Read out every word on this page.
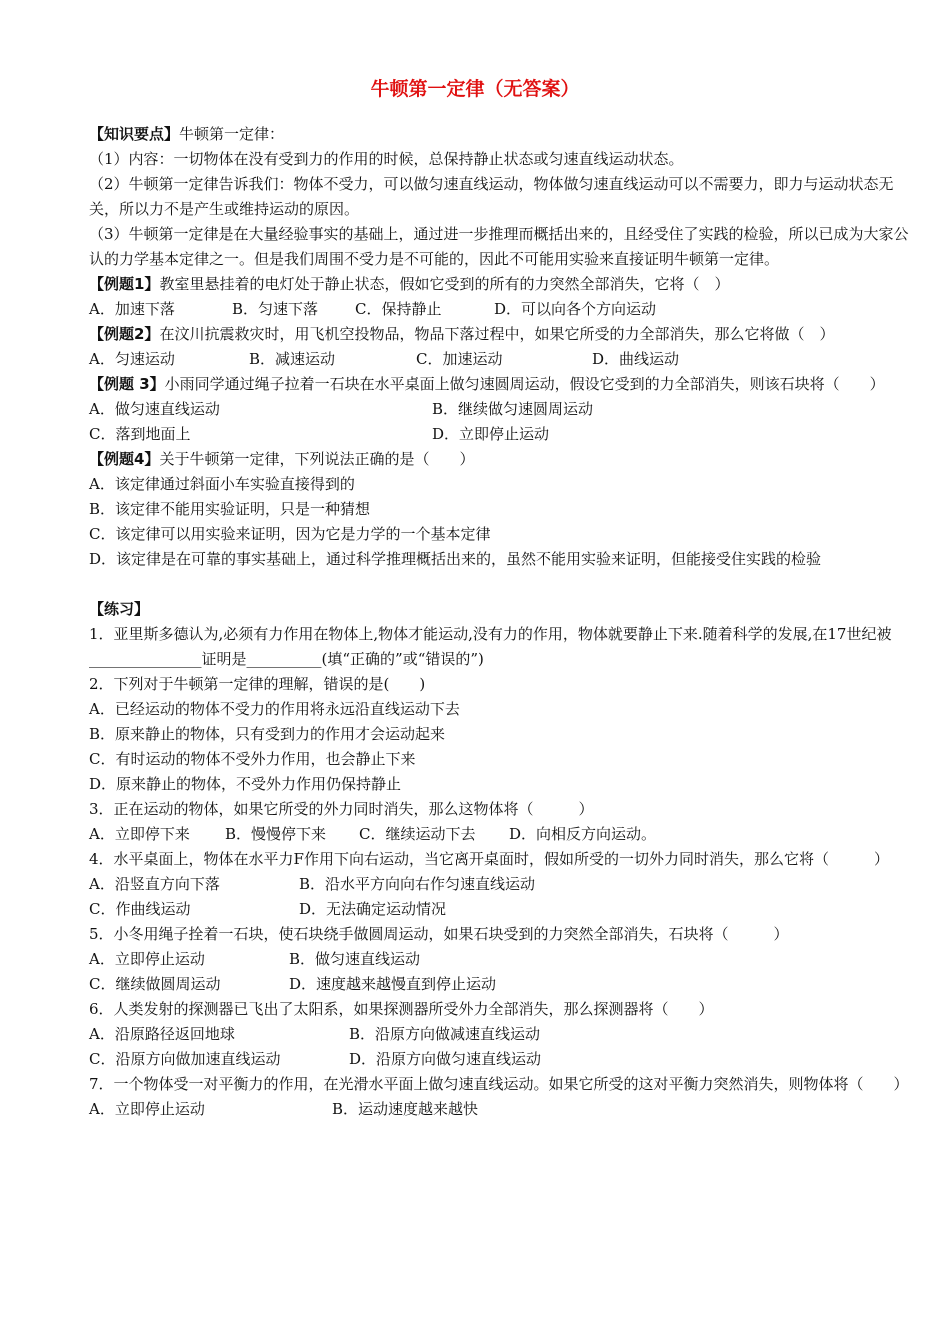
牛顿第一定律（无答案）
【知识要点】牛顿第一定律：
（1）内容：一切物体在没有受到力的作用的时候，总保持静止状态或匀速直线运动状态。
（2）牛顿第一定律告诉我们：物体不受力，可以做匀速直线运动，物体做匀速直线运动可以不需要力，即力与运动状态无关，所以力不是产生或维持运动的原因。
（3）牛顿第一定律是在大量经验事实的基础上，通过进一步推理而概括出来的，且经受住了实践的检验，所以已成为大家公认的力学基本定律之一。但是我们周围不受力是不可能的，因此不可能用实验来直接证明牛顿第一定律。
【例题1】教室里悬挂着的电灯处于静止状态，假如它受到的所有的力突然全部消失，它将（　）
A．加速下落	B．匀速下落 C．保持静止	D．可以向各个方向运动
【例题2】在汶川抗震救灾时，用飞机空投物品，物品下落过程中，如果它所受的力全部消失，那么它将做（　）
A．匀速运动	B．减速运动	C．加速运动	D．曲线运动
【例题 3】小雨同学通过绳子拉着一石块在水平桌面上做匀速圆周运动，假设它受到的力全部消失，则该石块将（　　）
A．做匀速直线运动	B．继续做匀速圆周运动
C．落到地面上	D．立即停止运动
【例题4】关于牛顿第一定律，下列说法正确的是（　　）
A．该定律通过斜面小车实验直接得到的
B．该定律不能用实验证明，只是一种猜想
C．该定律可以用实验来证明，因为它是力学的一个基本定律
D．该定律是在可靠的事实基础上，通过科学推理概括出来的，虽然不能用实验来证明，但能接受住实践的检验
【练习】
1．亚里斯多德认为,必须有力作用在物体上,物体才能运动,没有力的作用，物体就要静止下来.随着科学的发展,在17世纪被_______________证明是__________(填“正确的”或“错误的”)
2．下列对于牛顿第一定律的理解，错误的是(　　)
A．已经运动的物体不受力的作用将永远沿直线运动下去
B．原来静止的物体，只有受到力的作用才会运动起来
C．有时运动的物体不受外力作用，也会静止下来
D．原来静止的物体，不受外力作用仍保持静止
3．正在运动的物体，如果它所受的外力同时消失，那么这物体将（　　　）
A．立即停下来 B．慢慢停下来 C．继续运动下去 D．向相反方向运动。
4．水平桌面上，物体在水平力F作用下向右运动，当它离开桌面时，假如所受的一切外力同时消失，那么它将（　　　）
A．沿竖直方向下落	B．沿水平方向向右作匀速直线运动
C．作曲线运动	D．无法确定运动情况
5．小冬用绳子拴着一石块，使石块绕手做圆周运动，如果石块受到的力突然全部消失，石块将（　　　）
A．立即停止运动	B．做匀速直线运动
C．继续做圆周运动	D．速度越来越慢直到停止运动
6．人类发射的探测器已飞出了太阳系，如果探测器所受外力全部消失，那么探测器将（　　）
A．沿原路径返回地球	B．沿原方向做减速直线运动
C．沿原方向做加速直线运动	D．沿原方向做匀速直线运动
7．一个物体受一对平衡力的作用，在光滑水平面上做匀速直线运动。如果它所受的这对平衡力突然消失，则物体将（　　）
A．立即停止运动	B．运动速度越来越快
